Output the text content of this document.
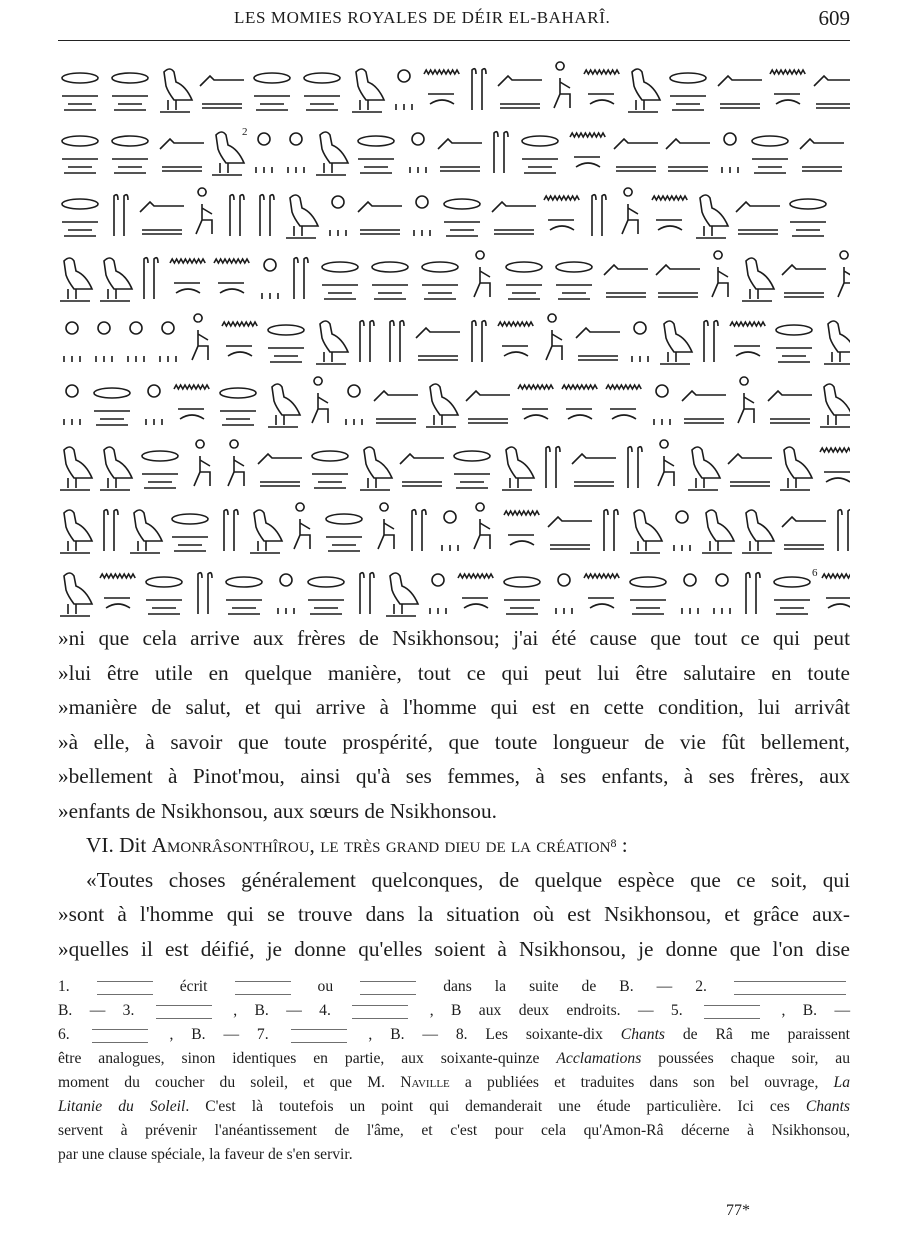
LES MOMIES ROYALES DE DÉIR EL-BAHARÎ.	609
2
6

»ni que cela arrive aux frères de Nsikhonsou; j'ai été cause que tout ce qui peut

»lui être utile en quelque manière, tout ce qui peut lui être salutaire en toute

»manière de salut, et qui arrive à l'homme qui est en cette condition, lui arrivât

»à elle, à savoir que toute prospérité, que toute longueur de vie fût bellement,

»bellement à Pinot'mou, ainsi qu'à ses femmes, à ses enfants, à ses frères, aux

»enfants de Nsikhonsou, aux sœurs de Nsikhonsou.

VI. Dit Amonrâsonthîrou, le très grand dieu de la création$^8$ :

«Toutes choses généralement quelconques, de quelque espèce que ce soit, qui

»sont à l'homme qui se trouve dans la situation où est Nsikhonsou, et grâce aux-

»quelles il est déifié, je donne qu'elles soient à Nsikhonsou, je donne que l'on dise

1.	écrit	ou	dans la suite de B. — 2.

B. — 3.	, B. — 4.	, B aux deux endroits. — 5.	, B. —

6.	, B. — 7.	, B. — 8. Les soixante-dix Chants de Râ me paraissent

être analogues, sinon identiques en partie, aux soixante-quinze Acclamations poussées chaque soir, au

moment du coucher du soleil, et que M. Naville a publiées et traduites dans son bel ouvrage, La

Litanie du Soleil. C'est là toutefois un point qui demanderait une étude particulière. Ici ces Chants

servent à prévenir l'anéantissement de l'âme, et c'est pour cela qu'Amon-Râ décerne à Nsikhonsou,

par une clause spéciale, la faveur de s'en servir.

77*
